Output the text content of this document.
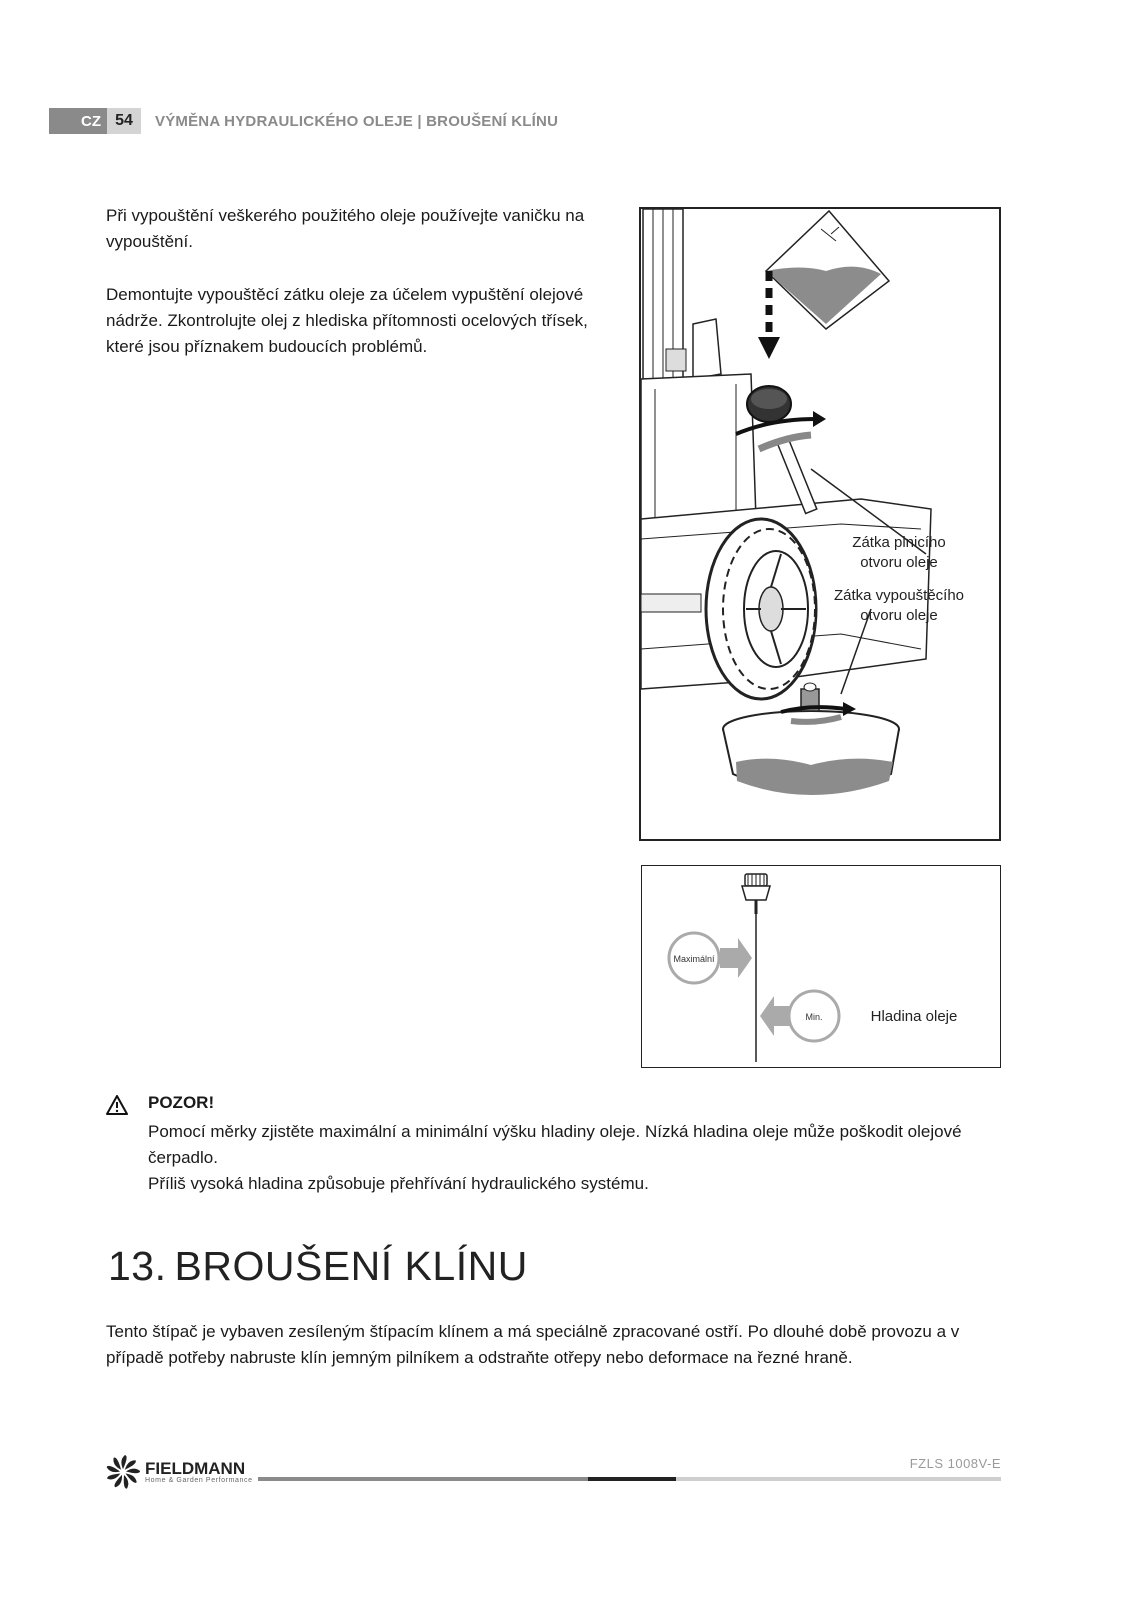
CZ 54	VÝMĚNA HYDRAULICKÉHO OLEJE | BROUŠENÍ KLÍNU

Při vypouštění veškerého použitého oleje používejte vaničku na vypouštění.

Demontujte vypouštěcí zátku oleje za účelem vypuštění olejové nádrže. Zkontrolujte olej z hlediska přítomnosti ocelových třísek, které jsou příznakem budoucích problémů.

Zátka plnicího
otvoru oleje
Zátka vypouštěcího
otvoru oleje
Maximální
Min.	Hladina oleje

POZOR!

Pomocí měrky zjistěte maximální a minimální výšku hladiny oleje. Nízká hladina oleje může poškodit olejové čerpadlo.

Příliš vysoká hladina způsobuje přehřívání hydraulického systému.

13. BROUŠENÍ KLÍNU

Tento štípač je vybaven zesíleným štípacím klínem a má speciálně zpracované ostří. Po dlouhé době provozu a v případě potřeby nabruste klín jemným pilníkem a odstraňte otřepy nebo deformace na řezné hraně.

FIELDMANN
Home & Garden Performance
FZLS 1008V-E
